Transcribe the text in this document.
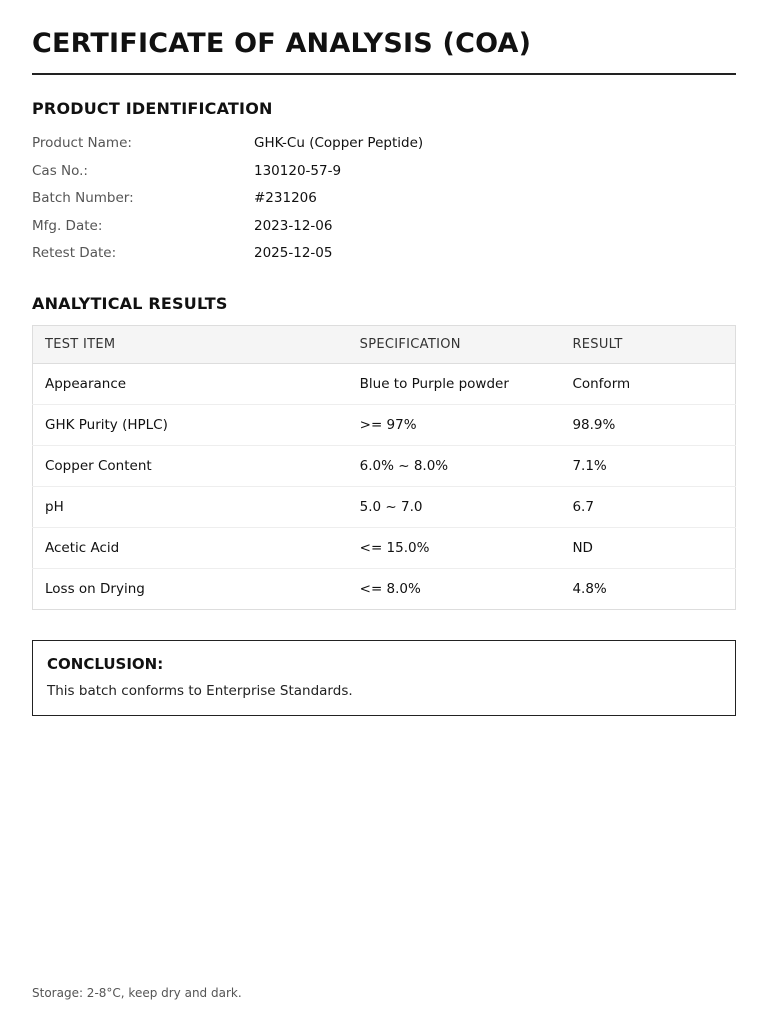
CERTIFICATE OF ANALYSIS (COA)
PRODUCT IDENTIFICATION
Product Name:	GHK-Cu (Copper Peptide)
Cas No.:	130120-57-9
Batch Number:	#231206
Mfg. Date:	2023-12-06
Retest Date:	2025-12-05
ANALYTICAL RESULTS
TEST ITEM	SPECIFICATION	RESULT
Appearance	Blue to Purple powder	Conform
GHK Purity (HPLC)	>= 97%	98.9%
Copper Content	6.0% ~ 8.0%	7.1%
pH	5.0 ~ 7.0	6.7
Acetic Acid	<= 15.0%	ND
Loss on Drying	<= 8.0%	4.8%
CONCLUSION:

This batch conforms to Enterprise Standards.

Storage: 2-8°C, keep dry and dark.
